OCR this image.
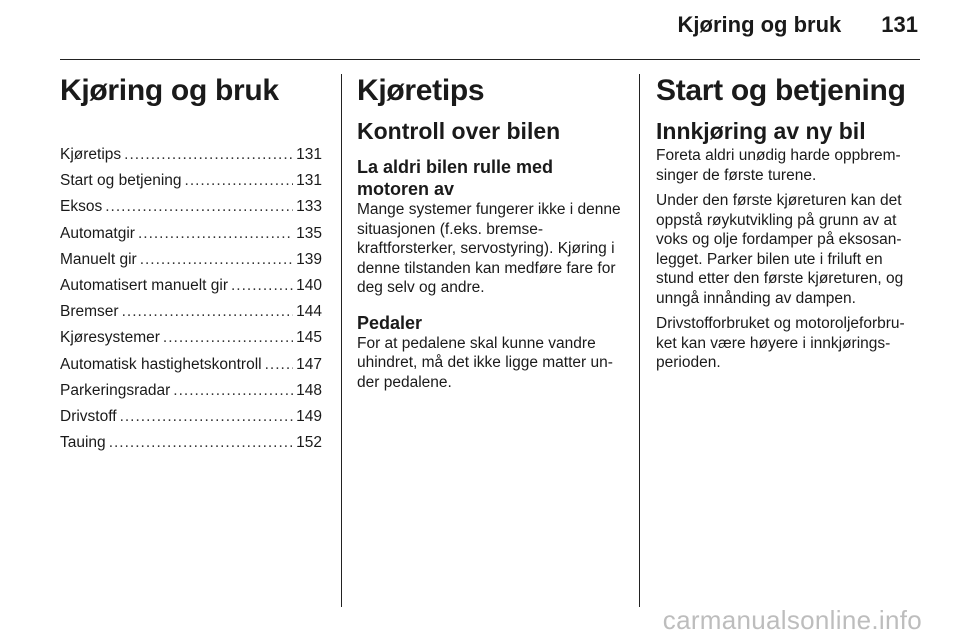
Kjøring og bruk 131
Kjøring og bruk
Kjøretips .....	131
Start og betjening .....	131
Eksos .....	133
Automatgir .....	135
Manuelt gir .....	139
Automatisert manuelt gir .....	140
Bremser .....	144
Kjøresystemer .....	145
Automatisk hastighetskontroll ..... 147
Parkeringsradar .....	148
Drivstoff .....	149
Tauing .....	152
Kjøretips
Kontroll over bilen
La aldri bilen rulle med motoren av

Mange systemer fungerer ikke i denne situasjonen (f.eks. bremse-kraftforsterker, servostyring). Kjøring i denne tilstanden kan medføre fare for deg selv og andre.

Pedaler

For at pedalene skal kunne vandre uhindret, må det ikke ligge matter un-der pedalene.

Start og betjening
Innkjøring av ny bil

Foreta aldri unødig harde oppbrem-singer de første turene.

Under den første kjøreturen kan det oppstå røykutvikling på grunn av at voks og olje fordamper på eksosan-legget. Parker bilen ute i friluft en stund etter den første kjøreturen, og unngå innånding av dampen.

Drivstofforbruket og motoroljeforbru-ket kan være høyere i innkjørings-perioden.

carmanualsonline.info
